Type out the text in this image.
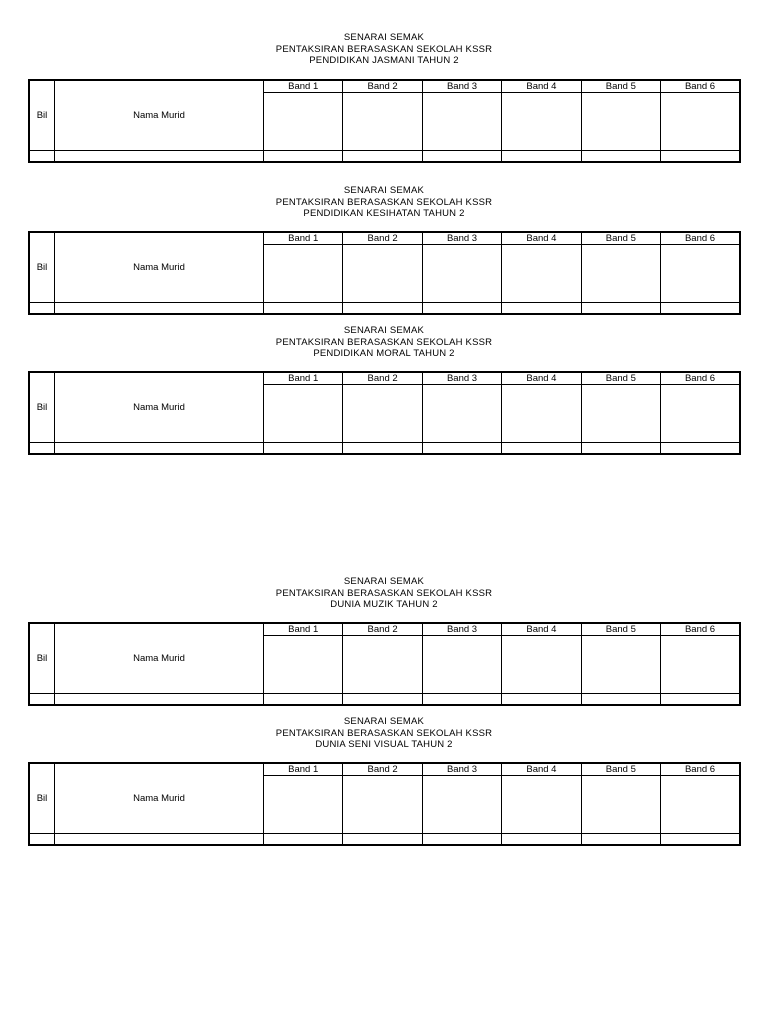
SENARAI SEMAK
PENTAKSIRAN BERASASKAN SEKOLAH KSSR
PENDIDIKAN JASMANI TAHUN 2
Bil	Nama Murid	Band 1	Band 2	Band 3	Band 4	Band 5	Band 6

SENARAI SEMAK
PENTAKSIRAN BERASASKAN SEKOLAH KSSR
PENDIDIKAN KESIHATAN TAHUN 2
Bil	Nama Murid	Band 1	Band 2	Band 3	Band 4	Band 5	Band 6

SENARAI SEMAK
PENTAKSIRAN BERASASKAN SEKOLAH KSSR
PENDIDIKAN MORAL TAHUN 2
Bil	Nama Murid	Band 1	Band 2	Band 3	Band 4	Band 5	Band 6

SENARAI SEMAK
PENTAKSIRAN BERASASKAN SEKOLAH KSSR
DUNIA MUZIK TAHUN 2
Bil	Nama Murid	Band 1	Band 2	Band 3	Band 4	Band 5	Band 6

SENARAI SEMAK
PENTAKSIRAN BERASASKAN SEKOLAH KSSR
DUNIA SENI VISUAL TAHUN 2
Bil	Nama Murid	Band 1	Band 2	Band 3	Band 4	Band 5	Band 6
